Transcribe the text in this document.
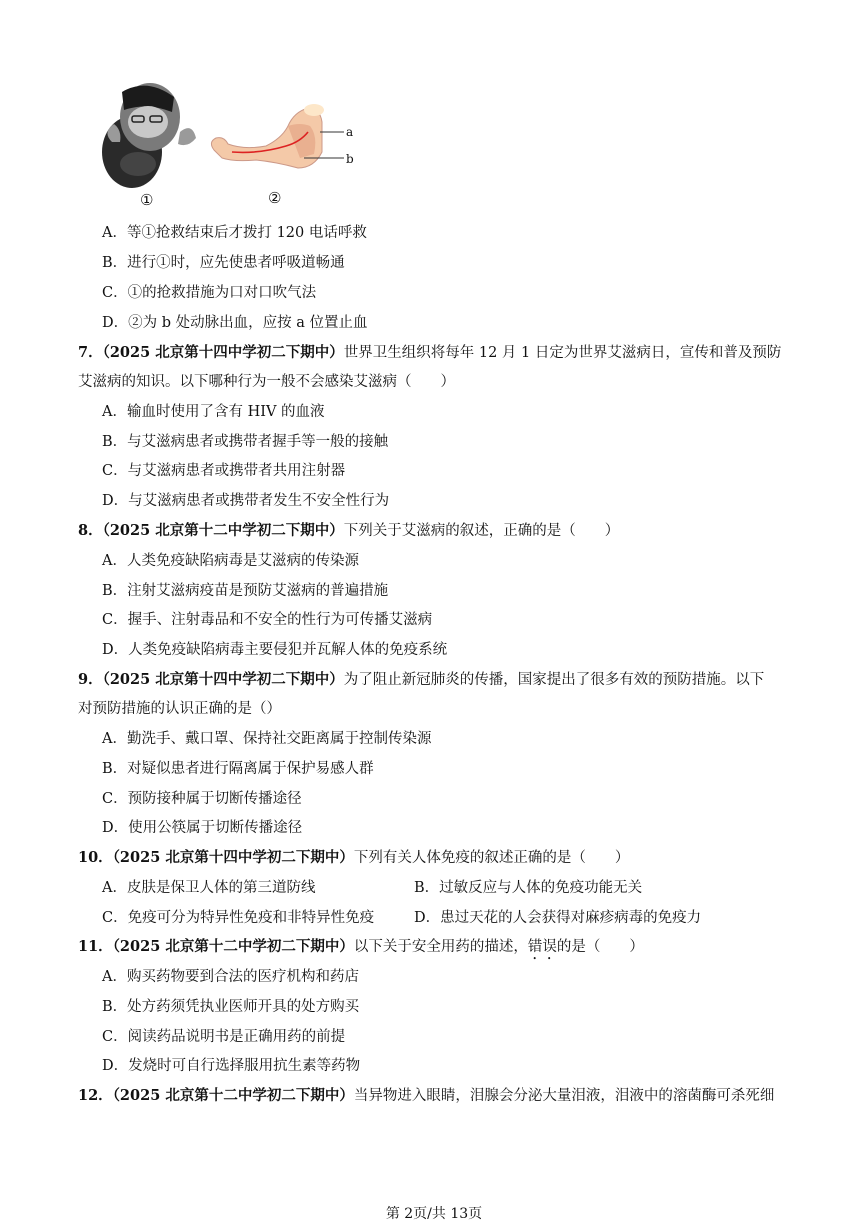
①
a
b
②
A．等①抢救结束后才拨打 120 电话呼救
B．进行①时，应先使患者呼吸道畅通
C．①的抢救措施为口对口吹气法
D．②为 b 处动脉出血，应按 a 位置止血
7．（2025 北京第十四中学初二下期中）世界卫生组织将每年 12 月 1 日定为世界艾滋病日，宣传和普及预防
艾滋病的知识。以下哪种行为一般不会感染艾滋病（　　）
A．输血时使用了含有 HIV 的血液
B．与艾滋病患者或携带者握手等一般的接触
C．与艾滋病患者或携带者共用注射器
D．与艾滋病患者或携带者发生不安全性行为
8．（2025 北京第十二中学初二下期中）下列关于艾滋病的叙述，正确的是（　　）
A．人类免疫缺陷病毒是艾滋病的传染源
B．注射艾滋病疫苗是预防艾滋病的普遍措施
C．握手、注射毒品和不安全的性行为可传播艾滋病
D．人类免疫缺陷病毒主要侵犯并瓦解人体的免疫系统
9．（2025 北京第十四中学初二下期中）为了阻止新冠肺炎的传播，国家提出了很多有效的预防措施。以下
对预防措施的认识正确的是（）
A．勤洗手、戴口罩、保持社交距离属于控制传染源
B．对疑似患者进行隔离属于保护易感人群
C．预防接种属于切断传播途径
D．使用公筷属于切断传播途径
10．（2025 北京第十四中学初二下期中）下列有关人体免疫的叙述正确的是（　　）
A．皮肤是保卫人体的第三道防线	B．过敏反应与人体的免疫功能无关
C．免疫可分为特异性免疫和非特异性免疫	D．患过天花的人会获得对麻疹病毒的免疫力
11．（2025 北京第十二中学初二下期中）以下关于安全用药的描述，错误的是（　　）
A．购买药物要到合法的医疗机构和药店
B．处方药须凭执业医师开具的处方购买
C．阅读药品说明书是正确用药的前提
D．发烧时可自行选择服用抗生素等药物
12．（2025 北京第十二中学初二下期中）当异物进入眼睛，泪腺会分泌大量泪液，泪液中的溶菌酶可杀死细
第 2页/共 13页
